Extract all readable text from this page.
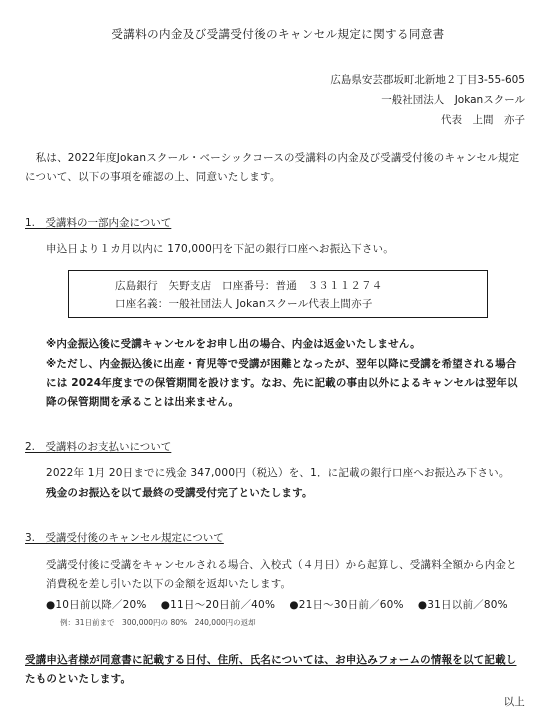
受講料の内金及び受講受付後のキャンセル規定に関する同意書
広島県安芸郡坂町北新地２丁目3-55-605
一般社団法人　Jokanスクール
代表　上間　亦子
　私は、2022年度Jokanスクール・ベーシックコースの受講料の内金及び受講受付後のキャンセル規定
について、以下の事項を確認の上、同意いたします。
1.　受講料の一部内金について
申込日より１カ月以内に 170,000円を下記の銀行口座へお振込下さい。
広島銀行　矢野支店　口座番号：普通　３３１１２７４
口座名義：一般社団法人 Jokanスクール代表上間亦子
※内金振込後に受講キャンセルをお申し出の場合、内金は返金いたしません。
※ただし、内金振込後に出産・育児等で受講が困難となったが、翌年以降に受講を希望される場合
には 2024年度までの保管期間を設けます。なお、先に記載の事由以外によるキャンセルは翌年以
降の保管期間を承ることは出来ません。
2.　受講料のお支払いについて
2022年 1月 20日までに残金 347,000円（税込）を、1．に記載の銀行口座へお振込み下さい。
残金のお振込を以て最終の受講受付完了といたします。
3.　受講受付後のキャンセル規定について
受講受付後に受講をキャンセルされる場合、入校式（４月日）から起算し、受講料全額から内金と
消費税を差し引いた以下の金額を返却いたします。
●10日前以降／20%　 ●11日～20日前／40%　 ●21日～30日前／60%　 ●31日以前／80%
例：31日前まで　300,000円の 80%　240,000円の返却
受講申込者様が同意書に記載する日付、住所、氏名については、お申込みフォームの情報を以て記載し
たものといたします。
以上
